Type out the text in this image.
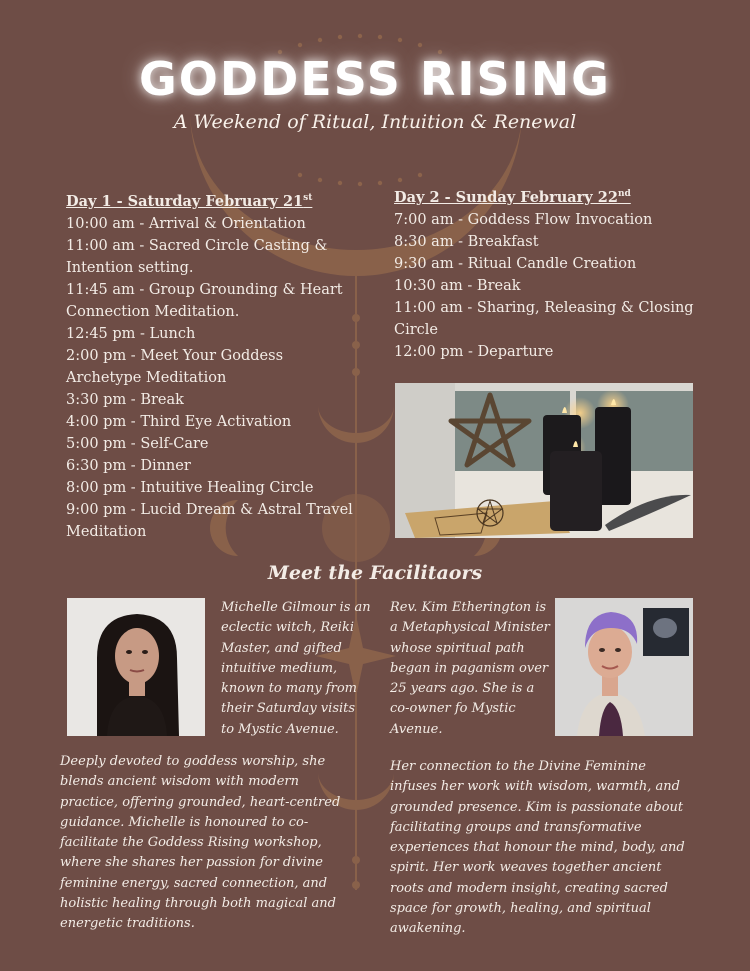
GODDESS RISING

A Weekend of Ritual, Intuition & Renewal

Day 1 - Saturday February 21st
10:00 am - Arrival & Orientation
11:00 am - Sacred Circle Casting & Intention setting.
11:45 am - Group Grounding & Heart Connection Meditation.
12:45 pm - Lunch
2:00 pm - Meet Your Goddess Archetype Meditation
3:30 pm - Break
4:00 pm - Third Eye Activation
5:00 pm - Self-Care
6:30 pm - Dinner
8:00 pm - Intuitive Healing Circle
9:00 pm - Lucid Dream & Astral Travel Meditation
Day 2 - Sunday February 22nd
7:00 am - Goddess Flow Invocation
8:30 am - Breakfast
9:30 am - Ritual Candle Creation
10:30 am - Break
11:00 am - Sharing, Releasing & Closing Circle
12:00 pm - Departure
Meet the Facilitaors
Michelle Gilmour is an eclectic witch, Reiki Master, and gifted intuitive medium, known to many from their Saturday visits to Mystic Avenue.
Rev. Kim Etherington is a Metaphysical Minister whose spiritual path began in paganism over 25 years ago. She is a co-owner fo Mystic Avenue.
Deeply devoted to goddess worship, she blends ancient wisdom with modern practice, offering grounded, heart-centred guidance. Michelle is honoured to co-facilitate the Goddess Rising workshop, where she shares her passion for divine feminine energy, sacred connection, and holistic healing through both magical and energetic traditions.
Her connection to the Divine Feminine infuses her work with wisdom, warmth, and grounded presence. Kim is passionate about facilitating groups and transformative experiences that honour the mind, body, and spirit. Her work weaves together ancient roots and modern insight, creating sacred space for growth, healing, and spiritual awakening.
